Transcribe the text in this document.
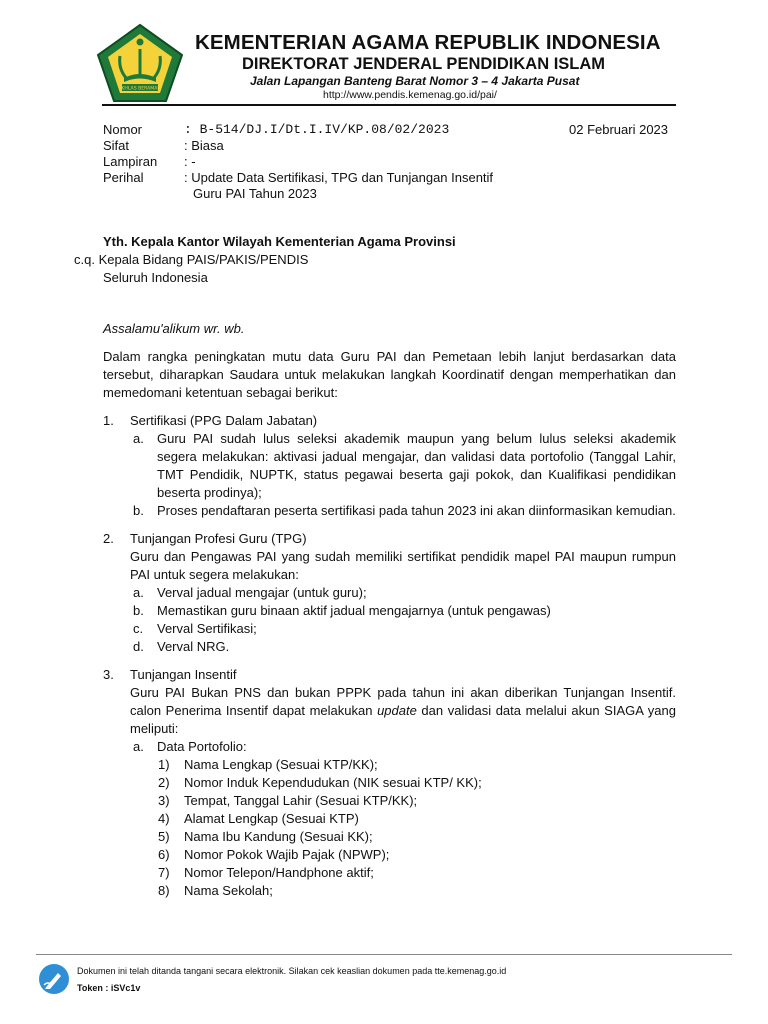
IKHLAS BERAMAL
KEMENTERIAN AGAMA REPUBLIK INDONESIA
DIREKTORAT JENDERAL PENDIDIKAN ISLAM
Jalan Lapangan Banteng Barat Nomor 3 – 4 Jakarta Pusat
http://www.pendis.kemenag.go.id/pai/
Nomor	: B-514/DJ.I/Dt.I.IV/KP.08/02/2023
Sifat	: Biasa
Lampiran : -
Perihal	: Update Data Sertifikasi, TPG dan Tunjangan Insentif
Guru PAI Tahun 2023
02 Februari 2023
Yth. Kepala Kantor Wilayah Kementerian Agama Provinsi
c.q. Kepala Bidang PAIS/PAKIS/PENDIS
Seluruh Indonesia

Assalamu'alikum wr. wb.

Dalam rangka peningkatan mutu data Guru PAI dan Pemetaan lebih lanjut berdasarkan data tersebut, diharapkan Saudara untuk melakukan langkah Koordinatif dengan memperhatikan dan memedomani ketentuan sebagai berikut:

1. Sertifikasi (PPG Dalam Jabatan)
a. Guru PAI sudah lulus seleksi akademik maupun yang belum lulus seleksi akademik segera melakukan: aktivasi jadual mengajar, dan validasi data portofolio (Tanggal Lahir, TMT Pendidik, NUPTK, status pegawai beserta gaji pokok, dan Kualifikasi pendidikan beserta prodinya);
b. Proses pendaftaran peserta sertifikasi pada tahun 2023 ini akan diinformasikan kemudian.
2. Tunjangan Profesi Guru (TPG)
Guru dan Pengawas PAI yang sudah memiliki sertifikat pendidik mapel PAI maupun rumpun PAI untuk segera melakukan:
a. Verval jadual mengajar (untuk guru);
b. Memastikan guru binaan aktif jadual mengajarnya (untuk pengawas)
c. Verval Sertifikasi;
d. Verval NRG.
3. Tunjangan Insentif
Guru PAI Bukan PNS dan bukan PPPK pada tahun ini akan diberikan Tunjangan Insentif. calon Penerima Insentif dapat melakukan update dan validasi data melalui akun SIAGA yang meliputi:
a. Data Portofolio:
1) Nama Lengkap (Sesuai KTP/KK);
2) Nomor Induk Kependudukan (NIK sesuai KTP/ KK);
3) Tempat, Tanggal Lahir (Sesuai KTP/KK);
4) Alamat Lengkap (Sesuai KTP)
5) Nama Ibu Kandung (Sesuai KK);
6) Nomor Pokok Wajib Pajak (NPWP);
7) Nomor Telepon/Handphone aktif;
8) Nama Sekolah;
Dokumen ini telah ditanda tangani secara elektronik. Silakan cek keaslian dokumen pada tte.kemenag.go.id
Token : iSVc1v
